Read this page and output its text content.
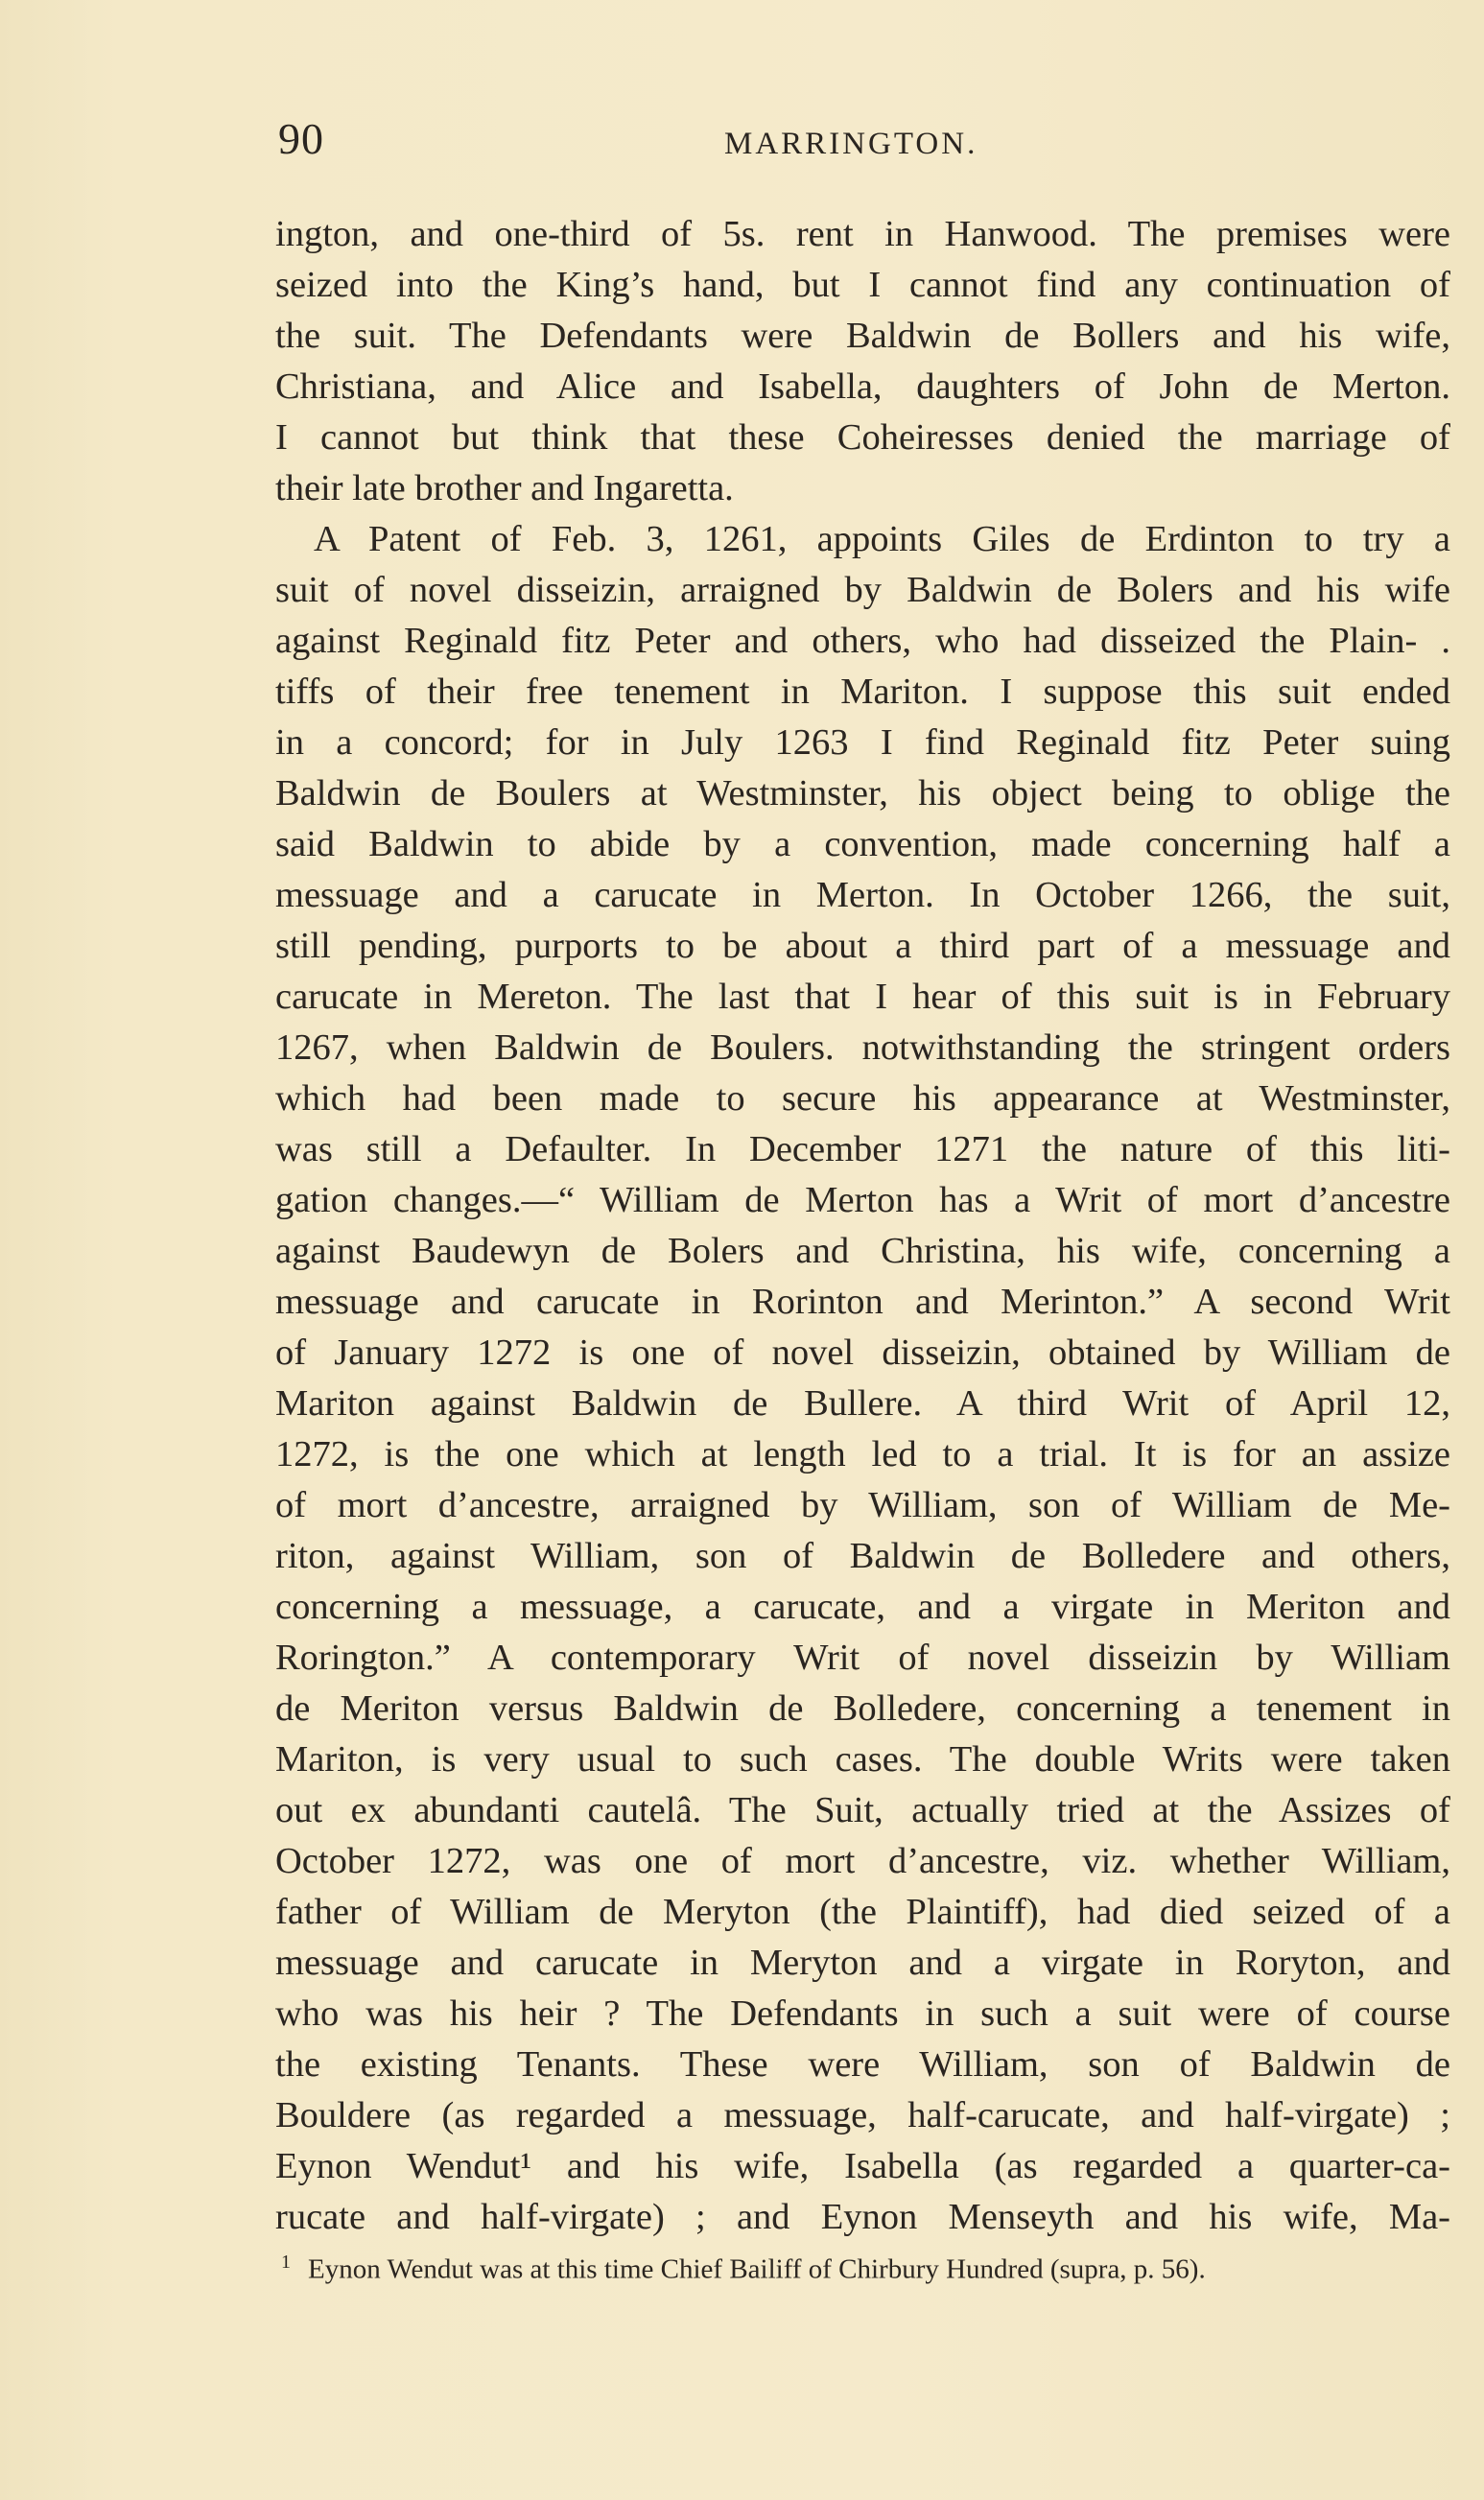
90	MARRINGTON.
ington, and one-third of 5s. rent in Hanwood. The premises were
seized into the King’s hand, but I cannot find any continuation of
the suit. The Defendants were Baldwin de Bollers and his wife,
Christiana, and Alice and Isabella, daughters of John de Merton.
I cannot but think that these Coheiresses denied the marriage of
their late brother and Ingaretta.
A Patent of Feb. 3, 1261, appoints Giles de Erdinton to try a
suit of novel disseizin, arraigned by Baldwin de Bolers and his wife
against Reginald fitz Peter and others, who had disseized the Plain- .
tiffs of their free tenement in Mariton. I suppose this suit ended
in a concord; for in July 1263 I find Reginald fitz Peter suing
Baldwin de Boulers at Westminster, his object being to oblige the
said Baldwin to abide by a convention, made concerning half a
messuage and a carucate in Merton. In October 1266, the suit,
still pending, purports to be about a third part of a messuage and
carucate in Mereton. The last that I hear of this suit is in February
1267, when Baldwin de Boulers. notwithstanding the stringent orders
which had been made to secure his appearance at Westminster,
was still a Defaulter. In December 1271 the nature of this liti-
gation changes.—“ William de Merton has a Writ of mort d’ancestre
against Baudewyn de Bolers and Christina, his wife, concerning a
messuage and carucate in Rorinton and Merinton.” A second Writ
of January 1272 is one of novel disseizin, obtained by William de
Mariton against Baldwin de Bullere. A third Writ of April 12,
1272, is the one which at length led to a trial. It is for an assize
of mort d’ancestre, arraigned by William, son of William de Me-
riton, against William, son of Baldwin de Bolledere and others,
concerning a messuage, a carucate, and a virgate in Meriton and
Rorington.” A contemporary Writ of novel disseizin by William
de Meriton versus Baldwin de Bolledere, concerning a tenement in
Mariton, is very usual to such cases. The double Writs were taken
out ex abundanti cautelâ. The Suit, actually tried at the Assizes of
October 1272, was one of mort d’ancestre, viz. whether William,
father of William de Meryton (the Plaintiff), had died seized of a
messuage and carucate in Meryton and a virgate in Roryton, and
who was his heir ? The Defendants in such a suit were of course
the existing Tenants. These were William, son of Baldwin de
Bouldere (as regarded a messuage, half-carucate, and half-virgate) ;
Eynon Wendut¹ and his wife, Isabella (as regarded a quarter-ca-
rucate and half-virgate) ; and Eynon Menseyth and his wife, Ma-
$^1$ Eynon Wendut was at this time Chief Bailiff of Chirbury Hundred (supra, p. 56).
